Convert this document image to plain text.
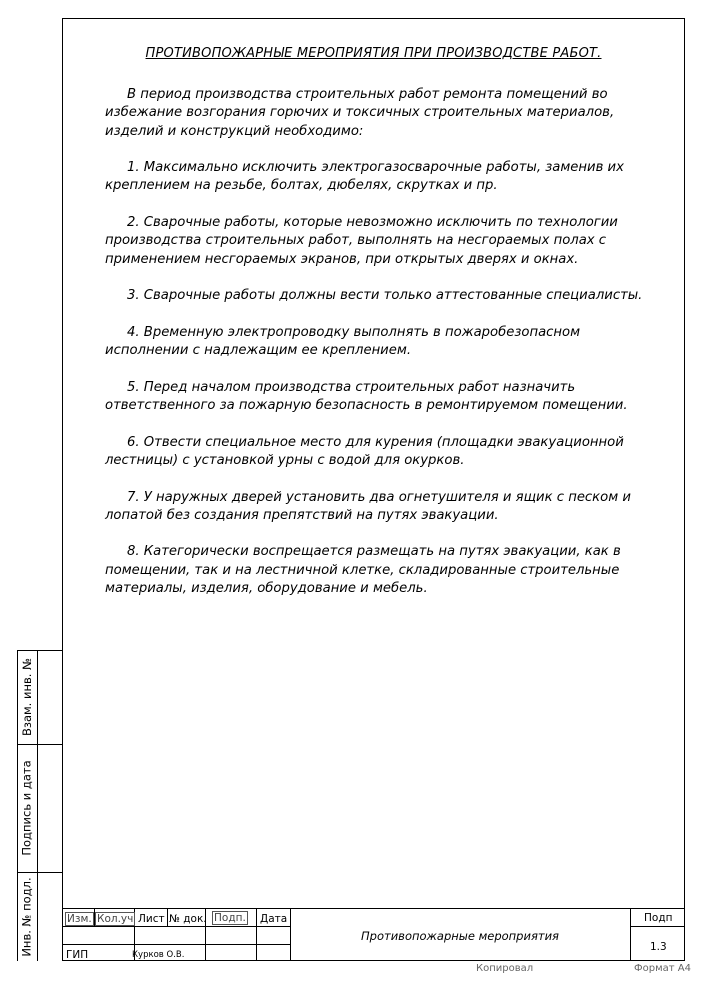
ПРОТИВОПОЖАРНЫЕ МЕРОПРИЯТИЯ ПРИ ПРОИЗВОДСТВЕ РАБОТ.

В период производства строительных работ ремонта помещений во избежание возгорания горючих и токсичных строительных материалов, изделий и конструкций необходимо:

1. Максимально исключить электрогазосварочные работы, заменив их креплением на резьбе, болтах, дюбелях, скрутках и пр.

2. Сварочные работы, которые невозможно исключить по технологии производства строительных работ, выполнять на несгораемых полах с применением несгораемых экранов, при открытых дверях и окнах.

3. Сварочные работы должны вести только аттестованные специалисты.

4. Временную электропроводку выполнять в пожаробезопасном исполнении с надлежащим ее креплением.

5. Перед началом производства строительных работ назначить ответственного за пожарную безопасность в ремонтируемом помещении.

6. Отвести специальное место для курения (площадки эвакуационной лестницы) с установкой урны с водой для окурков.

7. У наружных дверей установить два огнетушителя и ящик с песком и лопатой без создания препятствий на путях эвакуации.

8. Категорически воспрещается размещать на путях эвакуации, как в помещении, так и на лестничной клетке, складированные строительные материалы, изделия, оборудование и мебель.

Взам. инв. №
Подпись и дата
Инв. № подл.	Изм. Кол.уч Лист № док. Подп. Дата
ГИП	Курков О.В.
Противопожарные мероприятия
Подп
1.3
Копировал	Формат А4
